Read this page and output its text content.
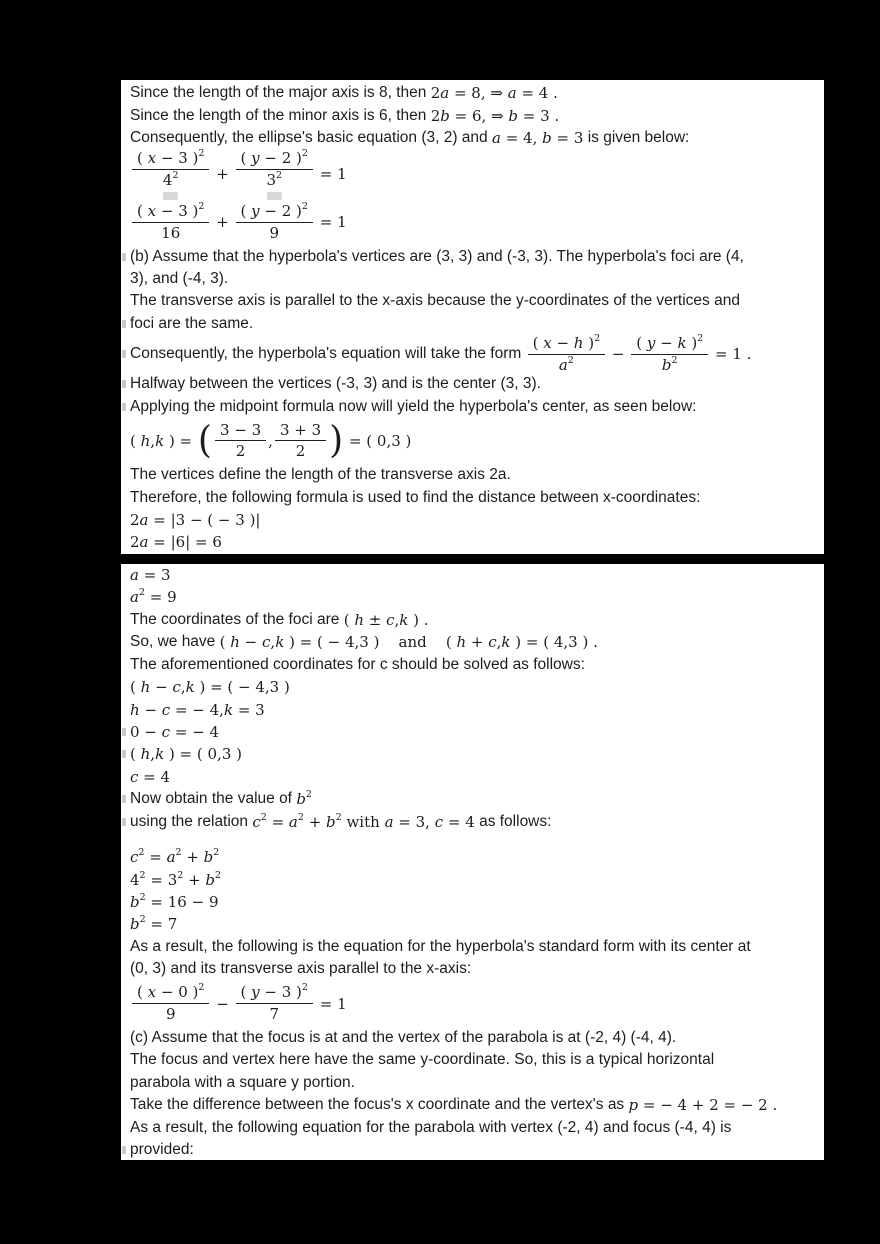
Since the length of the major axis is 8, then 2a = 8, ⇒ a = 4 .
Since the length of the minor axis is 6, then 2b = 6, ⇒ b = 3 .
Consequently, the ellipse's basic equation (3, 2) and a = 4, b = 3 is given below:
$\frac{( x - 3 )^2}{4^2} + \frac{( y - 2 )^2}{3^2} = 1$
$\frac{( x - 3 )^2}{16} + \frac{( y - 2 )^2}{9} = 1$
(b) Assume that the hyperbola's vertices are (3, 3) and (-3, 3). The hyperbola's foci are (4,
3), and (-4, 3).
The transverse axis is parallel to the x-axis because the y-coordinates of the vertices and
foci are the same.
Consequently, the hyperbola's equation will take the form $\frac{( x - h )^2}{a^2} - \frac{( y - k )^2}{b^2} = 1$ .
Halfway between the vertices (-3, 3) and is the center (3, 3).
Applying the midpoint formula now will yield the hyperbola's center, as seen below:
( h,k ) = ( $\frac{3 - 3}{2}$ , $\frac{3 + 3}{2}$ ) = ( 0,3 )
The vertices define the length of the transverse axis 2a.
Therefore, the following formula is used to find the distance between x-coordinates:
2a = |3 − ( − 3 )|
2a = |6| = 6
a = 3
$a^2 = 9$
The coordinates of the foci are ( h ± c,k ) .
So, we have ( h − c,k ) = ( − 4,3 ) and ( h + c,k ) = ( 4,3 ) .
The aforementioned coordinates for c should be solved as follows:
( h − c,k ) = ( − 4,3 )
h − c = − 4,k = 3
0 − c = − 4
( h,k ) = ( 0,3 )
c = 4
Now obtain the value of $b^2$
using the relation $c^2 = a^2 + b^2$ with a = 3, c = 4 as follows:
$c^2 = a^2 + b^2$
$4^2 = 3^2 + b^2$
$b^2 = 16 - 9$
$b^2 = 7$
As a result, the following is the equation for the hyperbola's standard form with its center at
(0, 3) and its transverse axis parallel to the x-axis:
$\frac{( x - 0 )^2}{9} - \frac{( y - 3 )^2}{7} = 1$
(c) Assume that the focus is at and the vertex of the parabola is at (-2, 4) (-4, 4).
The focus and vertex here have the same y-coordinate. So, this is a typical horizontal
parabola with a square y portion.
Take the difference between the focus's x coordinate and the vertex's as p = − 4 + 2 = − 2 .
As a result, the following equation for the parabola with vertex (-2, 4) and focus (-4, 4) is
provided:
